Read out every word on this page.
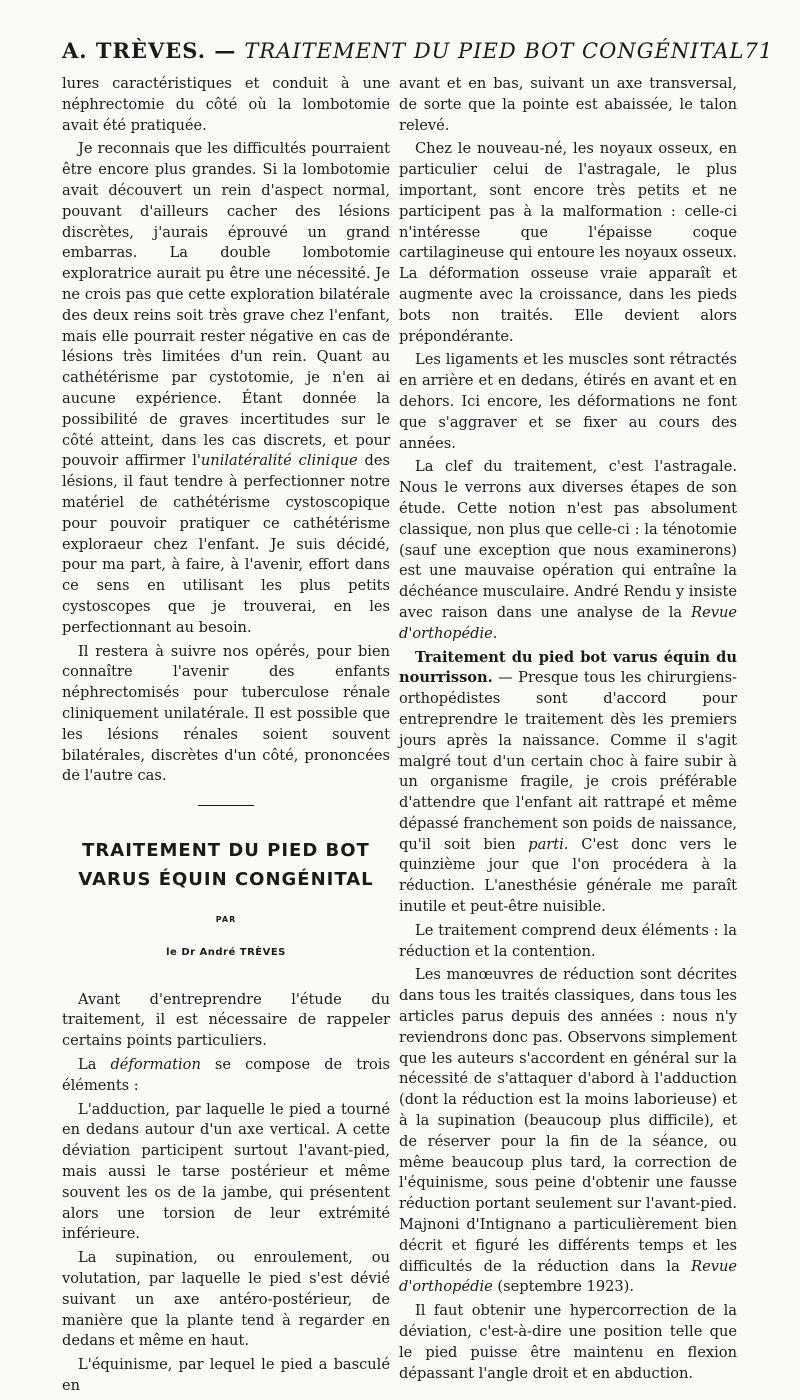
A. TRÈVES. — TRAITEMENT DU PIED BOT CONGÉNITAL 71

lures caractéristiques et conduit à une néphrectomie du côté où la lombotomie avait été pratiquée.

Je reconnais que les difficultés pourraient être encore plus grandes. Si la lombotomie avait découvert un rein d'aspect normal, pouvant d'ailleurs cacher des lésions discrètes, j'aurais éprouvé un grand embarras. La double lombotomie exploratrice aurait pu être une nécessité. Je ne crois pas que cette exploration bilatérale des deux reins soit très grave chez l'enfant, mais elle pourrait rester négative en cas de lésions très limitées d'un rein. Quant au cathétérisme par cystotomie, je n'en ai aucune expérience. Étant donnée la possibilité de graves incertitudes sur le côté atteint, dans les cas discrets, et pour pouvoir affirmer l'unilatéralité clinique des lésions, il faut tendre à perfectionner notre matériel de cathétérisme cystoscopique pour pouvoir pratiquer ce cathétérisme exploraeur chez l'enfant. Je suis décidé, pour ma part, à faire, à l'avenir, effort dans ce sens en utilisant les plus petits cystoscopes que je trouverai, en les perfectionnant au besoin.

Il restera à suivre nos opérés, pour bien connaître l'avenir des enfants néphrectomisés pour tuberculose rénale cliniquement unilatérale. Il est possible que les lésions rénales soient souvent bilatérales, discrètes d'un côté, prononcées de l'autre cas.

TRAITEMENT DU PIED BOT
VARUS ÉQUIN CONGÉNITAL
PAR
le Dr André TRÈVES

Avant d'entreprendre l'étude du traitement, il est nécessaire de rappeler certains points particuliers.

La déformation se compose de trois éléments :

L'adduction, par laquelle le pied a tourné en dedans autour d'un axe vertical. A cette déviation participent surtout l'avant-pied, mais aussi le tarse postérieur et même souvent les os de la jambe, qui présentent alors une torsion de leur extrémité inférieure.

La supination, ou enroulement, ou volutation, par laquelle le pied s'est dévié suivant un axe antéro-postérieur, de manière que la plante tend à regarder en dedans et même en haut.

L'équinisme, par lequel le pied a basculé en

avant et en bas, suivant un axe transversal, de sorte que la pointe est abaissée, le talon relevé.

Chez le nouveau-né, les noyaux osseux, en particulier celui de l'astragale, le plus important, sont encore très petits et ne participent pas à la malformation : celle-ci n'intéresse que l'épaisse coque cartilagineuse qui entoure les noyaux osseux. La déformation osseuse vraie apparaît et augmente avec la croissance, dans les pieds bots non traités. Elle devient alors prépondérante.

Les ligaments et les muscles sont rétractés en arrière et en dedans, étirés en avant et en dehors. Ici encore, les déformations ne font que s'aggraver et se fixer au cours des années.

La clef du traitement, c'est l'astragale. Nous le verrons aux diverses étapes de son étude. Cette notion n'est pas absolument classique, non plus que celle-ci : la ténotomie (sauf une exception que nous examinerons) est une mauvaise opération qui entraîne la déchéance musculaire. André Rendu y insiste avec raison dans une analyse de la Revue d'orthopédie.

Traitement du pied bot varus équin du nourrisson. — Presque tous les chirurgiens-orthopédistes sont d'accord pour entreprendre le traitement dès les premiers jours après la naissance. Comme il s'agit malgré tout d'un certain choc à faire subir à un organisme fragile, je crois préférable d'attendre que l'enfant ait rattrapé et même dépassé franchement son poids de naissance, qu'il soit bien parti. C'est donc vers le quinzième jour que l'on procédera à la réduction. L'anesthésie générale me paraît inutile et peut-être nuisible.

Le traitement comprend deux éléments : la réduction et la contention.

Les manœuvres de réduction sont décrites dans tous les traités classiques, dans tous les articles parus depuis des années : nous n'y reviendrons donc pas. Observons simplement que les auteurs s'accordent en général sur la nécessité de s'attaquer d'abord à l'adduction (dont la réduction est la moins laborieuse) et à la supination (beaucoup plus difficile), et de réserver pour la fin de la séance, ou même beaucoup plus tard, la correction de l'équinisme, sous peine d'obtenir une fausse réduction portant seulement sur l'avant-pied. Majnoni d'Intignano a particulièrement bien décrit et figuré les différents temps et les difficultés de la réduction dans la Revue d'orthopédie (septembre 1923).

Il faut obtenir une hypercorrection de la déviation, c'est-à-dire une position telle que le pied puisse être maintenu en flexion dépassant l'angle droit et en abduction.
